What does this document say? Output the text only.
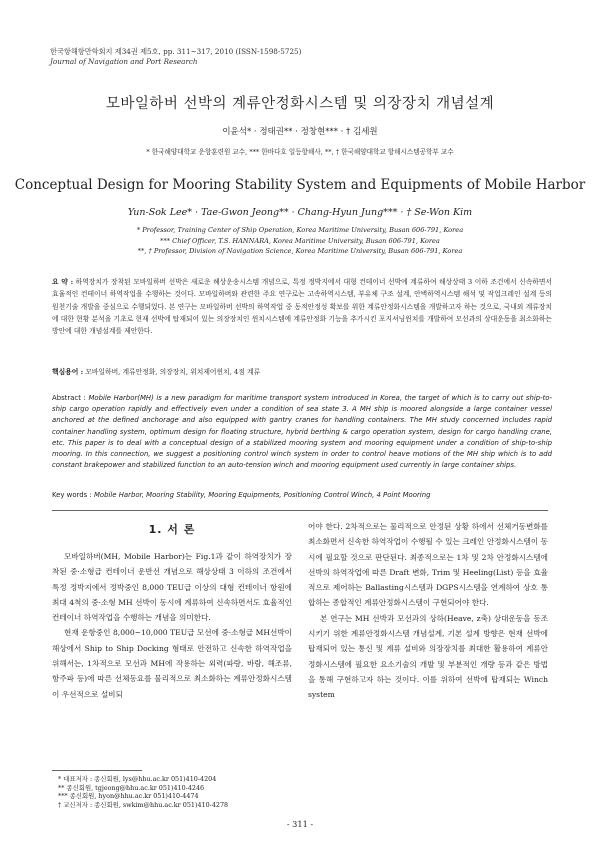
한국항해항만학회지 제34권 제5호, pp. 311~317, 2010 (ISSN-1598-5725)
Journal of Navigation and Port Research
모바일하버 선박의 계류안정화시스템 및 의장장치 개념설계
이윤석* · 정태권** · 정창현*** · † 김세원
* 한국해양대학교 운항훈련원 교수, *** 한바다호 일등항해사, **, † 한국해양대학교 항해시스템공학부 교수
Conceptual Design for Mooring Stability System and Equipments of Mobile Harbor
Yun-Sok Lee* · Tae-Gwon Jeong** · Chang-Hyun Jung*** · † Se-Won Kim
* Professor, Training Center of Ship Operation, Korea Maritime University, Busan 606-791, Korea
*** Chief Officer, T.S. HANNARA, Korea Maritime University, Busan 606-791, Korea
**, † Professor, Division of Navigation Science, Korea Maritime University, Busan 606-791, Korea
요 약 : 하역장치가 장착된 모바일하버 선박은 새로운 해상운송시스템 개념으로, 특정 정박지에서 대형 컨테이너 선박에 계류하여 해상상태 3 이하 조건에서 신속하면서 효율적인 컨테이너 하역작업을 수행하는 것이다. 모바일하버와 관련한 주요 연구로는 고속하역시스템, 부유체 구조 설계, 안벽하역시스템 해석 및 작업크레인 설계 등의 원천기술 개발을 중심으로 수행되었다. 본 연구는 모바일하버 선박의 하역작업 중 동적안정성 확보를 위한 계류안정화시스템을 개발하고자 하는 것으로, 국내외 계류장치에 대한 현황 분석을 기초로 현재 선박에 탑재되어 있는 의장장치인 윈치시스템에 계류안정화 기능을 추가시킨 포지셔닝윈치를 개발하여 모선과의 상대운동을 최소화하는 방안에 대한 개념설계를 제안한다.
핵심용어 : 모바일하버, 계류안정화, 의장장치, 위치제어윈치, 4점 계류
Abstract : Mobile Harbor(MH) is a new paradigm for maritime transport system introduced in Korea, the target of which is to carry out ship-to-ship cargo operation rapidly and effectively even under a condition of sea state 3. A MH ship is moored alongside a large container vessel anchored at the defined anchorage and also equipped with gantry cranes for handling containers. The MH study concerned includes rapid container handling system, optimum design for floating structure, hybrid berthing & cargo operation system, design for cargo handling crane, etc. This paper is to deal with a conceptual design of a stabilized mooring system and mooring equipment under a condition of ship-to-ship mooring. In this connection, we suggest a positioning control winch system in order to control heave motions of the MH ship which is to add constant brakepower and stabilized function to an auto-tension winch and mooring equipment used currently in large container ships.
Key words : Mobile Harbor, Mooring Stability, Mooring Equipments, Positioning Control Winch, 4 Point Mooring
1. 서 론

모바일하버(MH, Mobile Harbor)는 Fig.1과 같이 하역장치가 장착된 중·소형급 컨테이너 운반선 개념으로 해상상태 3 이하의 조건에서 특정 정박지에서 정박중인 8,000 TEU급 이상의 대형 컨테이너 항원에 최대 4척의 중·소형 MH 선박이 동시에 계류하여 신속하면서도 효율적인 컨테이너 하역작업을 수행하는 개념을 의미한다.

현재 운항중인 8,000~10,000 TEU급 모선에 중·소형급 MH선박이 해상에서 Ship to Ship Docking 형태로 안전하고 신속한 하역작업을 위해서는, 1차적으로 모선과 MH에 작용하는 외력(파랑, 바람, 해조류, 항주파 등)에 따른 선체동요를 물리적으로 최소화하는 계류안정화시스템이 우선적으로 설비되

어야 한다. 2차적으로는 물리적으로 안정된 상황 하에서 선체거동변화를 최소화면서 신속한 하역작업이 수행될 수 있는 크레인 안정화시스템이 동시에 필요할 것으로 판단된다. 최종적으로는 1차 및 2차 안정화시스템에 선박의 하역작업에 따른 Draft 변화, Trim 및 Heeling(List) 등을 효율적으로 제어하는 Ballasting시스템과 DGPS시스템을 연계하여 상호 통합하는 종합적인 계류안정화시스템이 구현되어야 한다.

본 연구는 MH 선박과 모선과의 상하(Heave, z축) 상대운동을 동조시키기 위한 계류안정화시스템 개념설계, 기본 설계 방향은 현재 선박에 탑재되어 있는 통신 및 계류 설비와 의장장치를 최대한 활용하여 계류안정화시스템에 필요한 요소기술의 개발 및 부분적인 개량 등과 같은 방법을 통해 구현하고자 하는 것이다. 이를 위하여 선박에 탑재되는 Winch system

* 대표저자 : 종신회원, lys@hhu.ac.kr 051)410-4204
** 종신회원, tgjeong@hhu.ac.kr 051)410-4246
*** 종신회원, hyon@hhu.ac.kr 051)410-4474
† 교신저자 : 종신회원, swkim@hhu.ac.kr 051)410-4278
- 311 -
